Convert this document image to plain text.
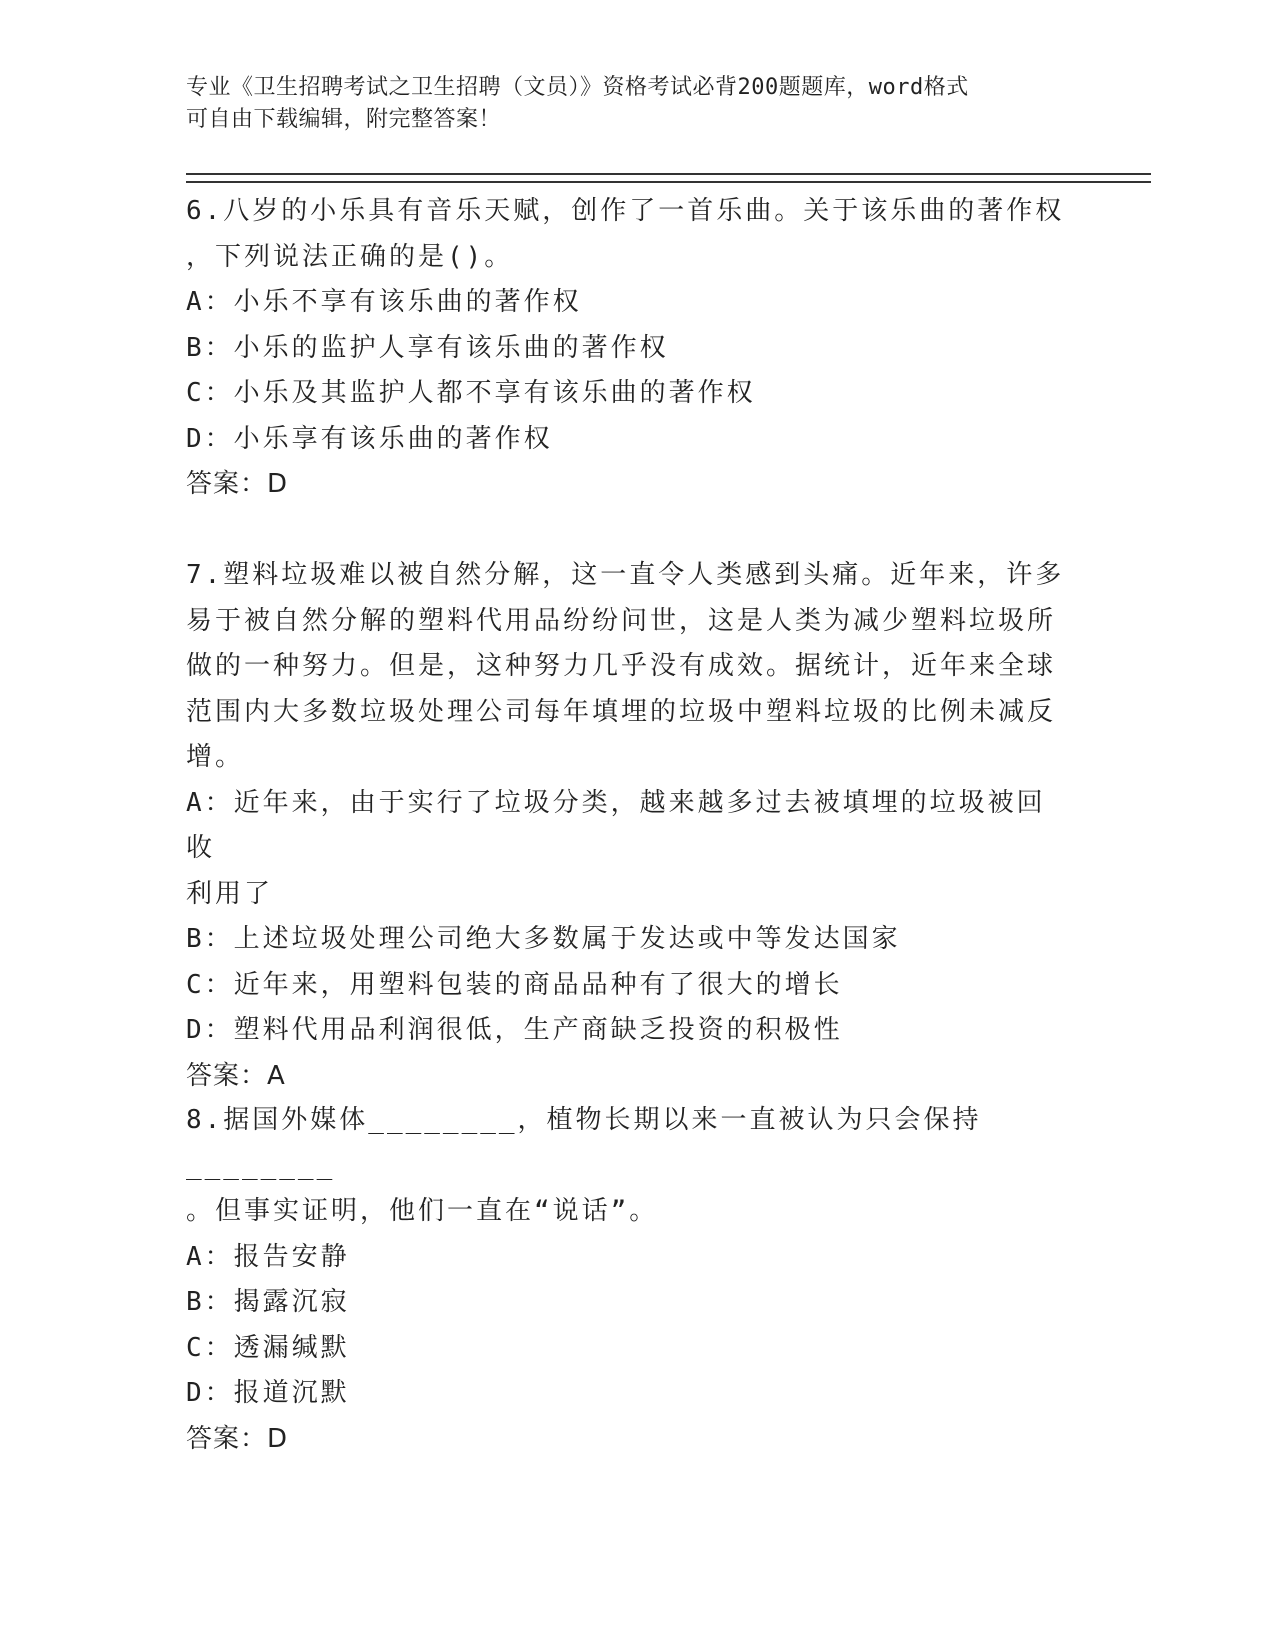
专业《卫生招聘考试之卫生招聘（文员）》资格考试必背200题题库，word格式
可自由下载编辑，附完整答案！

6.八岁的小乐具有音乐天赋，创作了一首乐曲。关于该乐曲的著作权

，下列说法正确的是()。

A：小乐不享有该乐曲的著作权

B：小乐的监护人享有该乐曲的著作权

C：小乐及其监护人都不享有该乐曲的著作权

D：小乐享有该乐曲的著作权

答案：D

7.塑料垃圾难以被自然分解，这一直令人类感到头痛。近年来，许多

易于被自然分解的塑料代用品纷纷问世，这是人类为减少塑料垃圾所

做的一种努力。但是，这种努力几乎没有成效。据统计，近年来全球

范围内大多数垃圾处理公司每年填埋的垃圾中塑料垃圾的比例未减反

增。

A：近年来，由于实行了垃圾分类，越来越多过去被填埋的垃圾被回收

利用了

B：上述垃圾处理公司绝大多数属于发达或中等发达国家

C：近年来，用塑料包装的商品品种有了很大的增长

D：塑料代用品利润很低，生产商缺乏投资的积极性

答案：A

8.据国外媒体________，植物长期以来一直被认为只会保持________

。但事实证明，他们一直在“说话”。

A：报告安静

B：揭露沉寂

C：透漏缄默

D：报道沉默

答案：D
